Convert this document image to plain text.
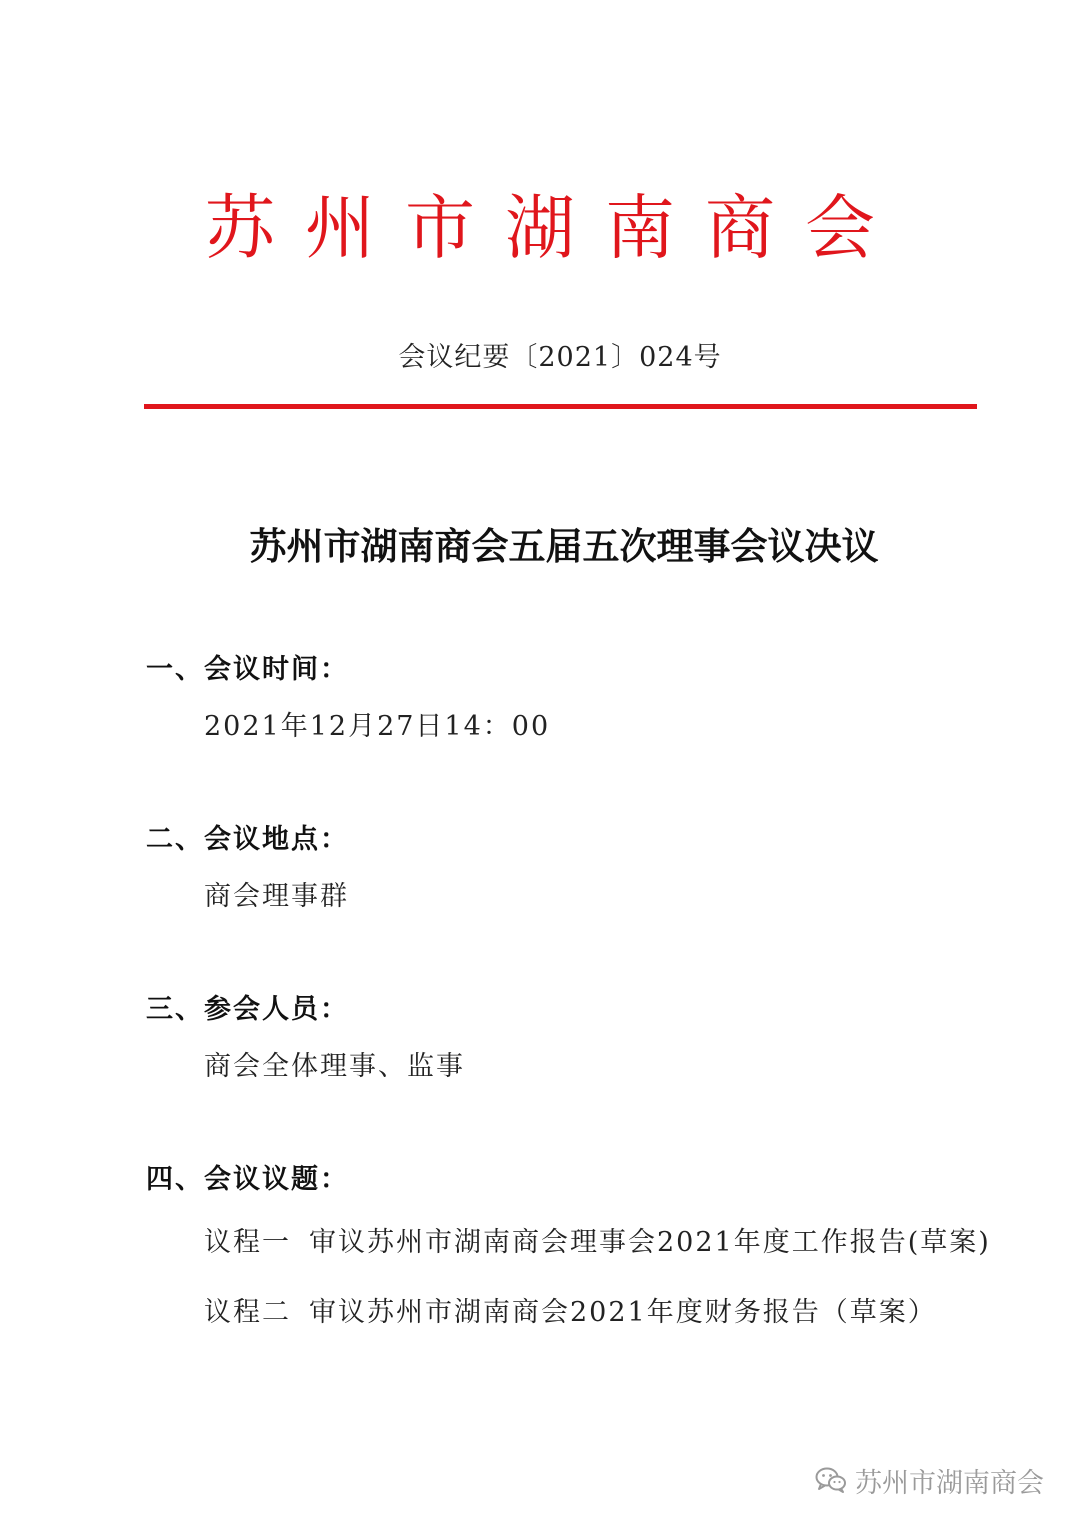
苏州市湖南商会
会议纪要〔2021〕024号
苏州市湖南商会五届五次理事会议决议
一、会议时间：
2021年12月27日14：00
二、会议地点：
商会理事群
三、参会人员：
商会全体理事、监事
四、会议议题：
议程一 审议苏州市湖南商会理事会2021年度工作报告(草案)
议程二 审议苏州市湖南商会2021年度财务报告（草案）
苏州市湖南商会
